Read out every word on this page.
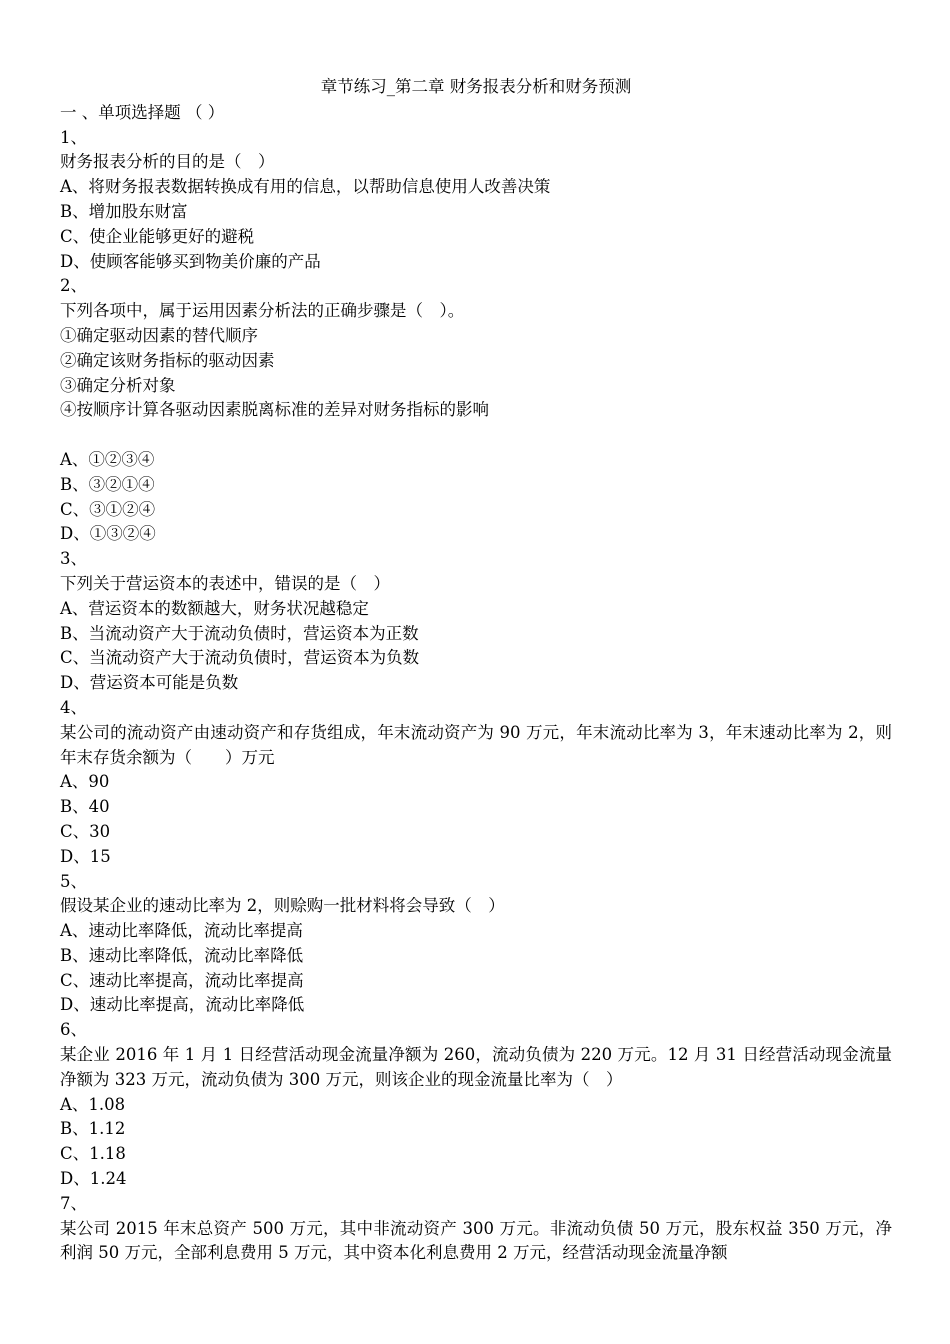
章节练习_第二章 财务报表分析和财务预测
一 、单项选择题 （ ）
1、
财务报表分析的目的是（　）
A、将财务报表数据转换成有用的信息，以帮助信息使用人改善决策
B、增加股东财富
C、使企业能够更好的避税
D、使顾客能够买到物美价廉的产品
2、
下列各项中，属于运用因素分析法的正确步骤是（　）。
①确定驱动因素的替代顺序
②确定该财务指标的驱动因素
③确定分析对象
④按顺序计算各驱动因素脱离标准的差异对财务指标的影响
A、①②③④
B、③②①④
C、③①②④
D、①③②④
3、
下列关于营运资本的表述中，错误的是（　）
A、营运资本的数额越大，财务状况越稳定
B、当流动资产大于流动负债时，营运资本为正数
C、当流动资产大于流动负债时，营运资本为负数
D、营运资本可能是负数
4、
某公司的流动资产由速动资产和存货组成，年末流动资产为 90 万元，年末流动比率为 3，年末速动比率为 2，则年末存货余额为（　　）万元
A、90
B、40
C、30
D、15
5、
假设某企业的速动比率为 2，则赊购一批材料将会导致（　）
A、速动比率降低，流动比率提高
B、速动比率降低，流动比率降低
C、速动比率提高，流动比率提高
D、速动比率提高，流动比率降低
6、
某企业 2016 年 1 月 1 日经营活动现金流量净额为 260，流动负债为 220 万元。12 月 31 日经营活动现金流量净额为 323 万元，流动负债为 300 万元，则该企业的现金流量比率为（　）
A、1.08
B、1.12
C、1.18
D、1.24
7、
某公司 2015 年末总资产 500 万元，其中非流动资产 300 万元。非流动负债 50 万元，股东权益 350 万元，净利润 50 万元，全部利息费用 5 万元，其中资本化利息费用 2 万元，经营活动现金流量净额
